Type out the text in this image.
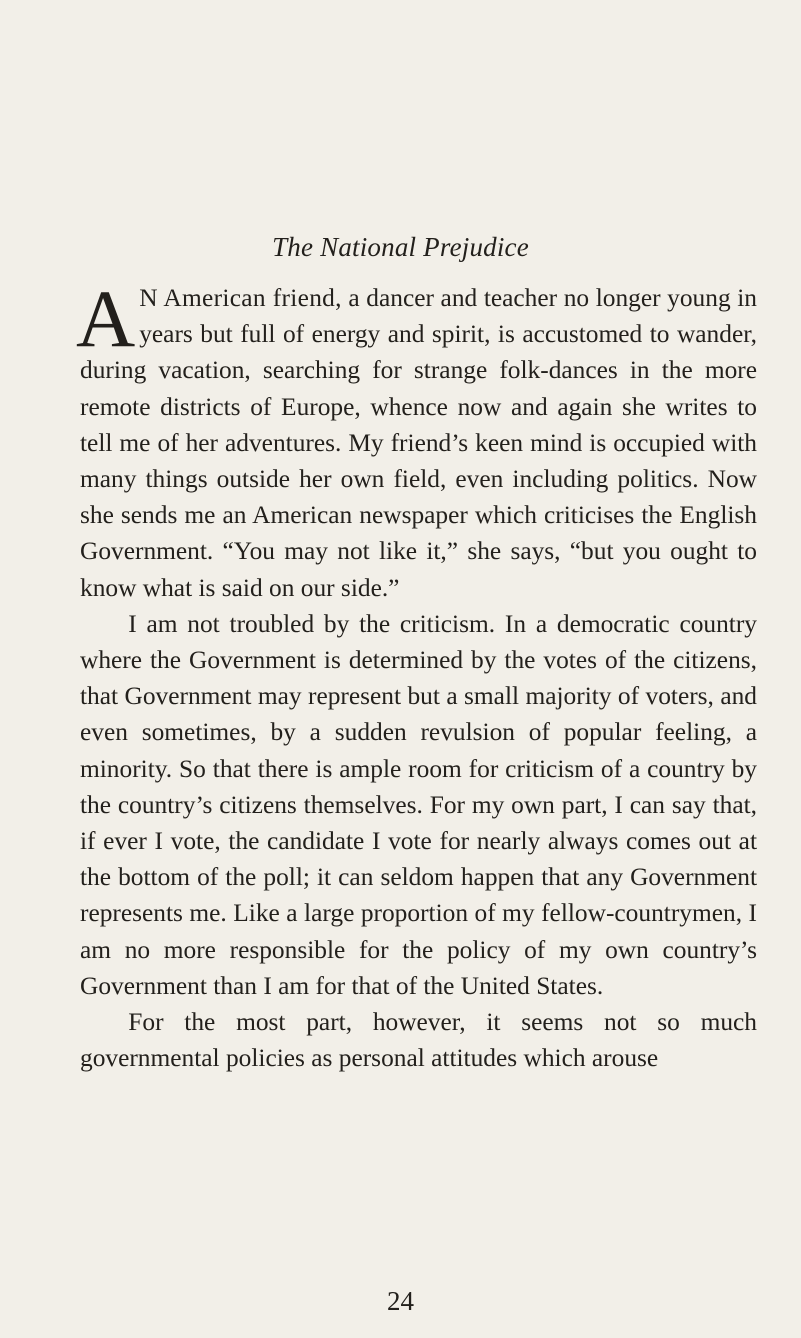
The National Prejudice

A N American friend, a dancer and teacher no longer young in years but full of energy and spirit, is accustomed to wander, during vacation, searching for strange folk-dances in the more remote districts of Europe, whence now and again she writes to tell me of her adventures. My friend’s keen mind is occupied with many things outside her own field, even including politics. Now she sends me an American newspaper which criticises the English Government. “You may not like it,” she says, “but you ought to know what is said on our side.”

I am not troubled by the criticism. In a democratic country where the Government is determined by the votes of the citizens, that Government may represent but a small majority of voters, and even sometimes, by a sudden revulsion of popular feeling, a minority. So that there is ample room for criticism of a country by the country’s citizens themselves. For my own part, I can say that, if ever I vote, the candidate I vote for nearly always comes out at the bottom of the poll; it can seldom happen that any Government represents me. Like a large proportion of my fellow-countrymen, I am no more responsible for the policy of my own country’s Government than I am for that of the United States.

For the most part, however, it seems not so much governmental policies as personal attitudes which arouse

24
